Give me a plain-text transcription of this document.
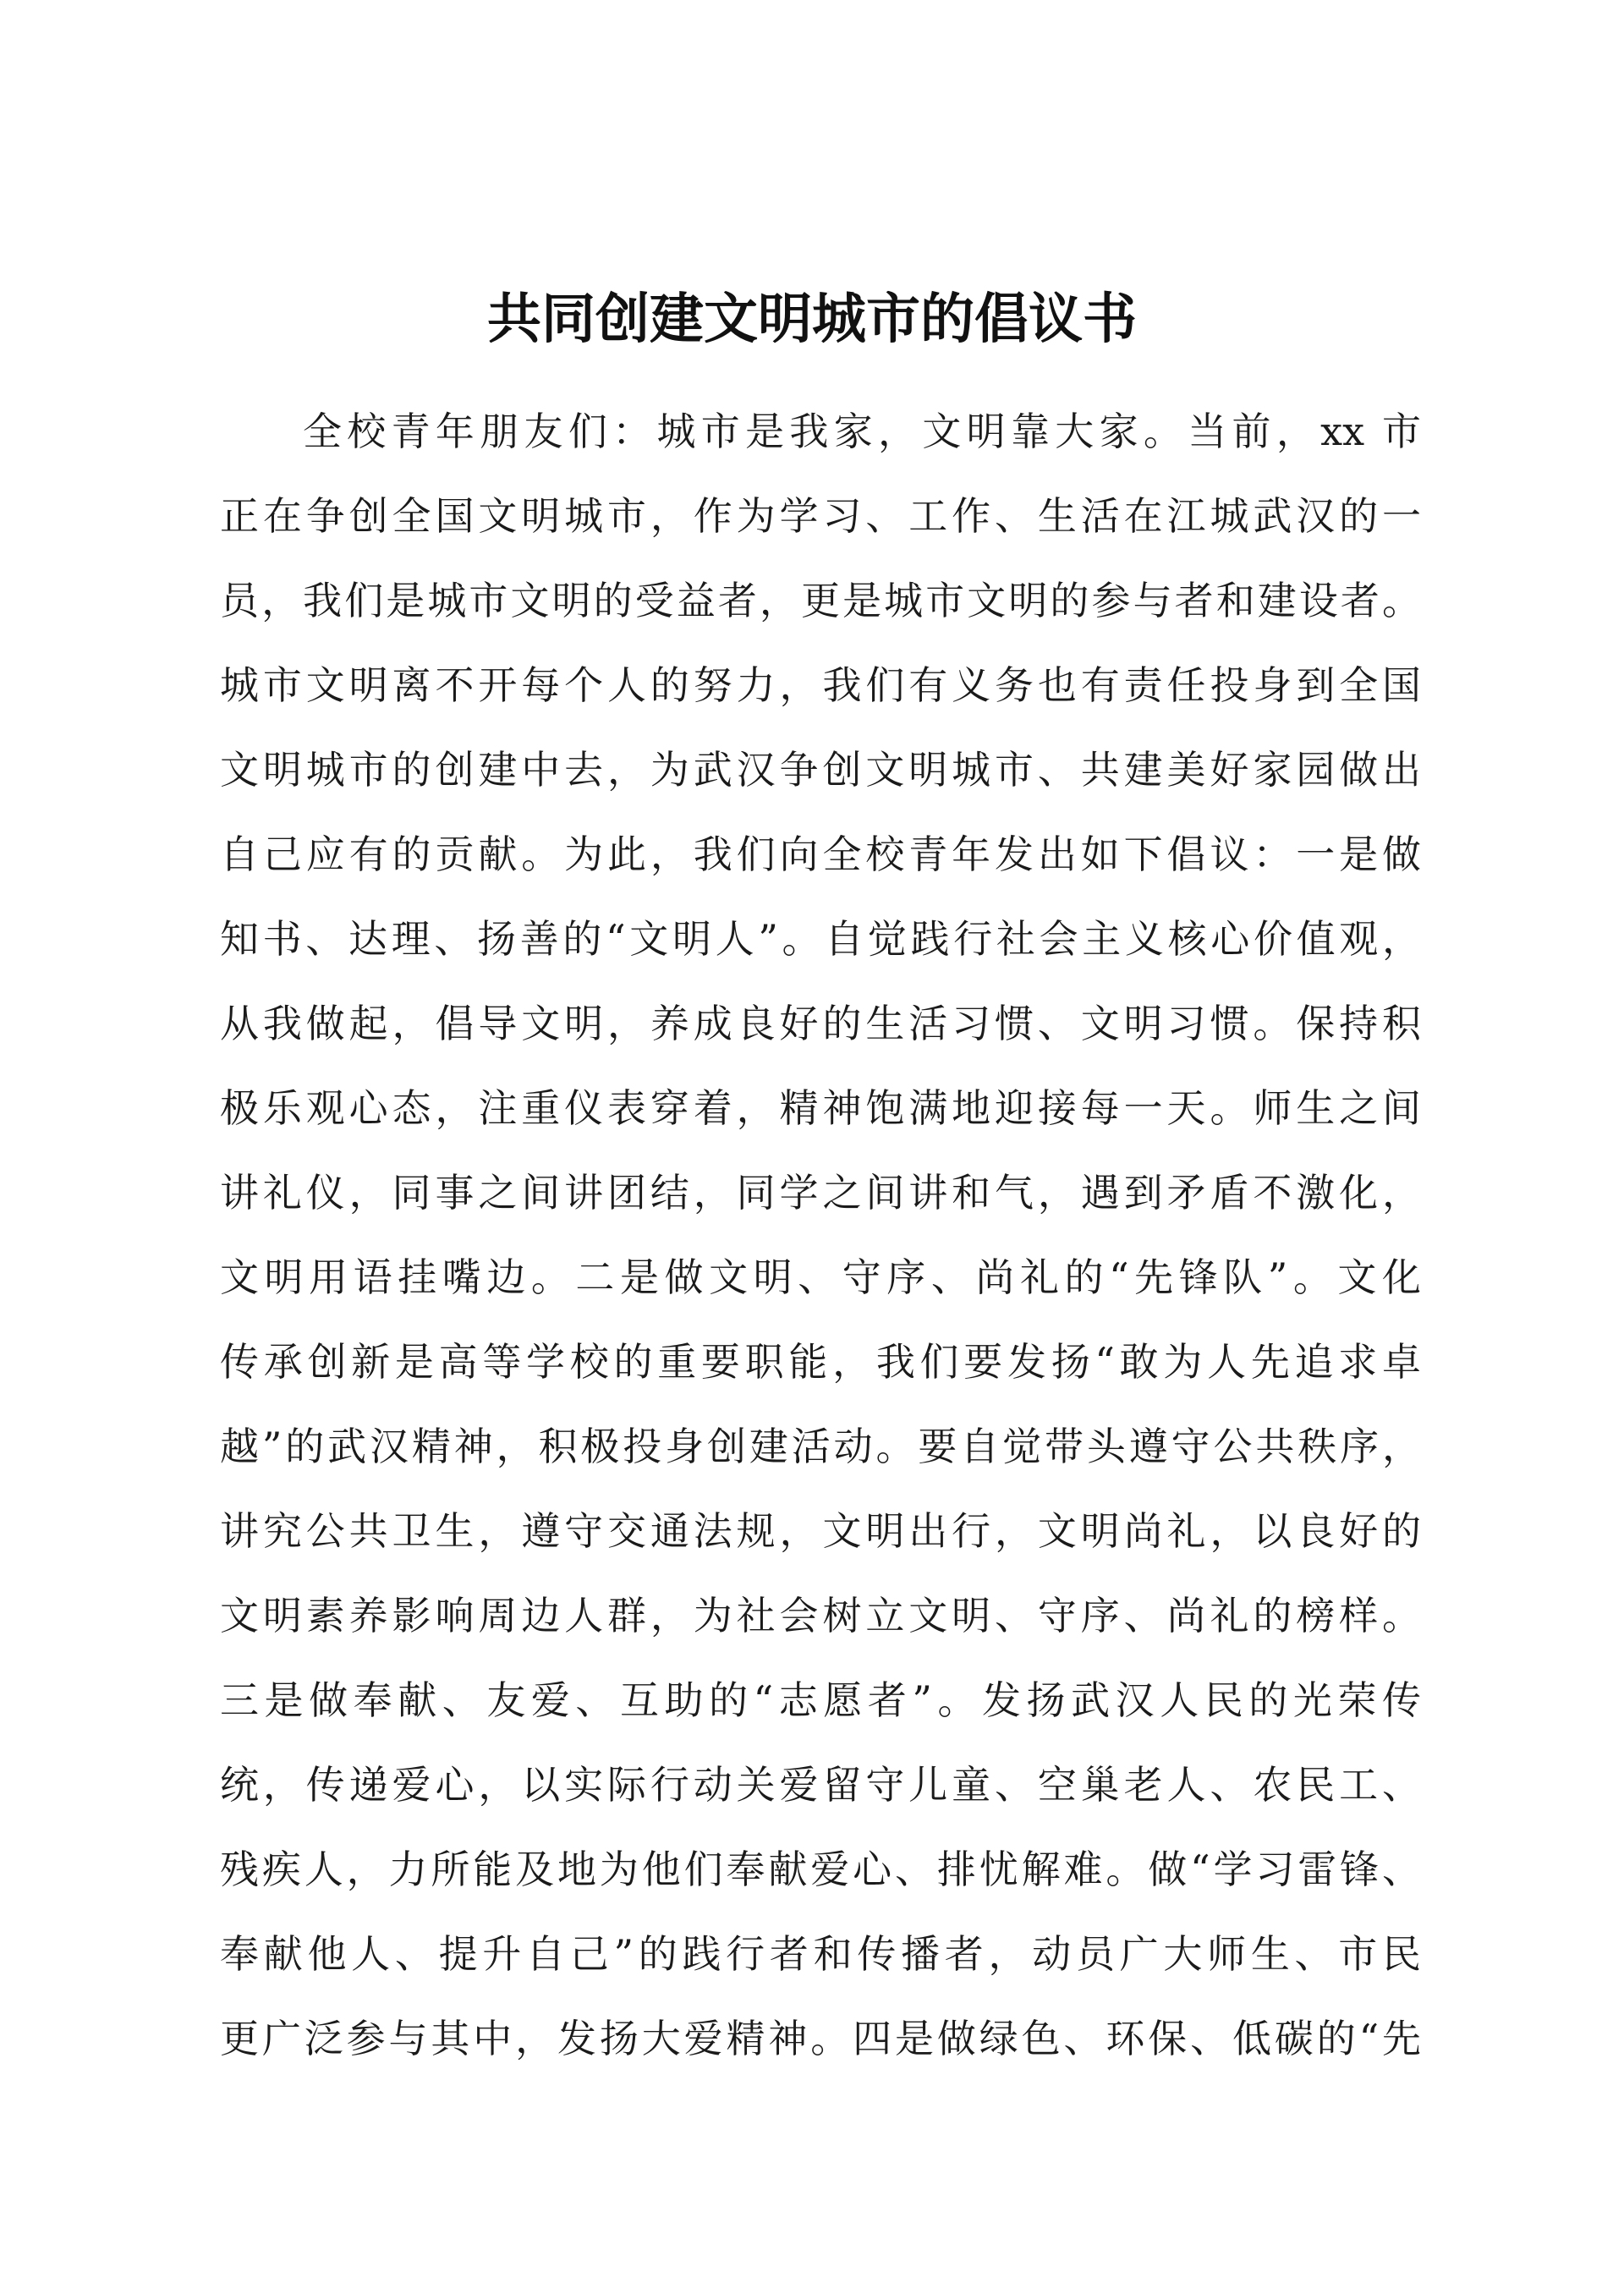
共同创建文明城市的倡议书
全校青年朋友们：城市是我家，文明靠大家。当前，xx 市
正在争创全国文明城市，作为学习、工作、生活在江城武汉的一
员，我们是城市文明的受益者，更是城市文明的参与者和建设者。
城市文明离不开每个人的努力，我们有义务也有责任投身到全国
文明城市的创建中去，为武汉争创文明城市、共建美好家园做出
自己应有的贡献。为此，我们向全校青年发出如下倡议：一是做
知书、达理、扬善的“文明人”。自觉践行社会主义核心价值观，
从我做起，倡导文明，养成良好的生活习惯、文明习惯。保持积
极乐观心态，注重仪表穿着，精神饱满地迎接每一天。师生之间
讲礼仪，同事之间讲团结，同学之间讲和气，遇到矛盾不激化，
文明用语挂嘴边。二是做文明、守序、尚礼的“先锋队”。文化
传承创新是高等学校的重要职能，我们要发扬“敢为人先追求卓
越”的武汉精神，积极投身创建活动。要自觉带头遵守公共秩序，
讲究公共卫生，遵守交通法规，文明出行，文明尚礼，以良好的
文明素养影响周边人群，为社会树立文明、守序、尚礼的榜样。
三是做奉献、友爱、互助的“志愿者”。发扬武汉人民的光荣传
统，传递爱心，以实际行动关爱留守儿童、空巢老人、农民工、
残疾人，力所能及地为他们奉献爱心、排忧解难。做“学习雷锋、
奉献他人、提升自己”的践行者和传播者，动员广大师生、市民
更广泛参与其中，发扬大爱精神。四是做绿色、环保、低碳的“先
